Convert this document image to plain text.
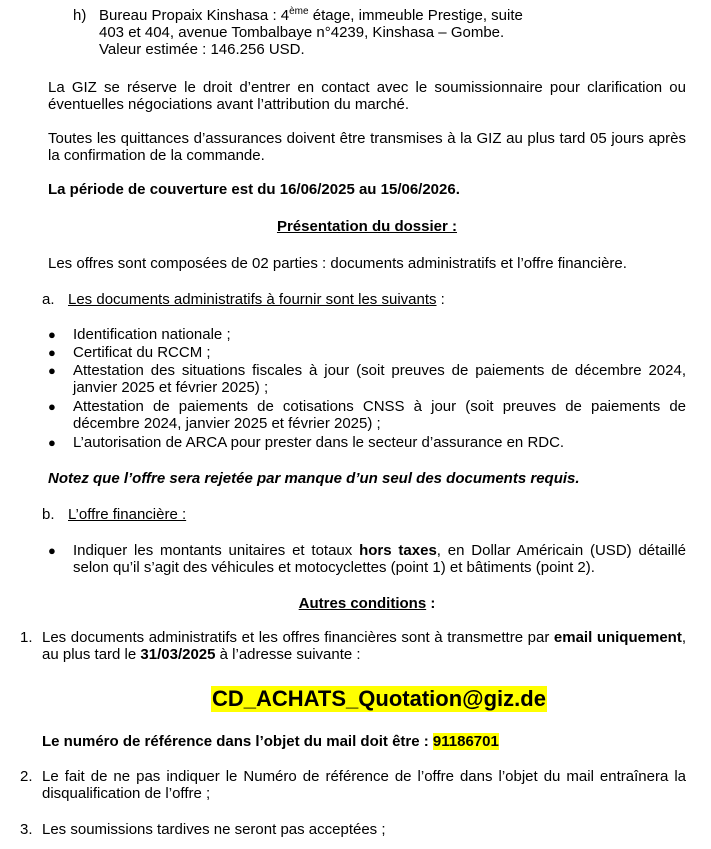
h) Bureau Propaix Kinshasa : 4ème étage, immeuble Prestige, suite
403 et 404, avenue Tombalbaye n°4239, Kinshasa – Gombe.
Valeur estimée : 146.256 USD.
La GIZ se réserve le droit d’entrer en contact avec le soumissionnaire pour clarification ou éventuelles négociations avant l’attribution du marché.
Toutes les quittances d’assurances doivent être transmises à la GIZ au plus tard 05 jours après la confirmation de la commande.
La période de couverture est du 16/06/2025 au 15/06/2026.
Présentation du dossier :
Les offres sont composées de 02 parties : documents administratifs et l’offre financière.
a. Les documents administratifs à fournir sont les suivants :
● Identification nationale ;
● Certificat du RCCM ;
● Attestation des situations fiscales à jour (soit preuves de paiements de décembre 2024, janvier 2025 et février 2025) ;
● Attestation de paiements de cotisations CNSS à jour (soit preuves de paiements de décembre 2024, janvier 2025 et février 2025) ;
● L’autorisation de ARCA pour prester dans le secteur d’assurance en RDC.
Notez que l’offre sera rejetée par manque d’un seul des documents requis.
b. L’offre financière :
● Indiquer les montants unitaires et totaux hors taxes, en Dollar Américain (USD) détaillé selon qu’il s’agit des véhicules et motocyclettes (point 1) et bâtiments (point 2).
Autres conditions :
1. Les documents administratifs et les offres financières sont à transmettre par email uniquement, au plus tard le 31/03/2025 à l’adresse suivante :
CD_ACHATS_Quotation@giz.de
Le numéro de référence dans l’objet du mail doit être : 91186701
2. Le fait de ne pas indiquer le Numéro de référence de l’offre dans l’objet du mail entraînera la disqualification de l’offre ;
3. Les soumissions tardives ne seront pas acceptées ;
